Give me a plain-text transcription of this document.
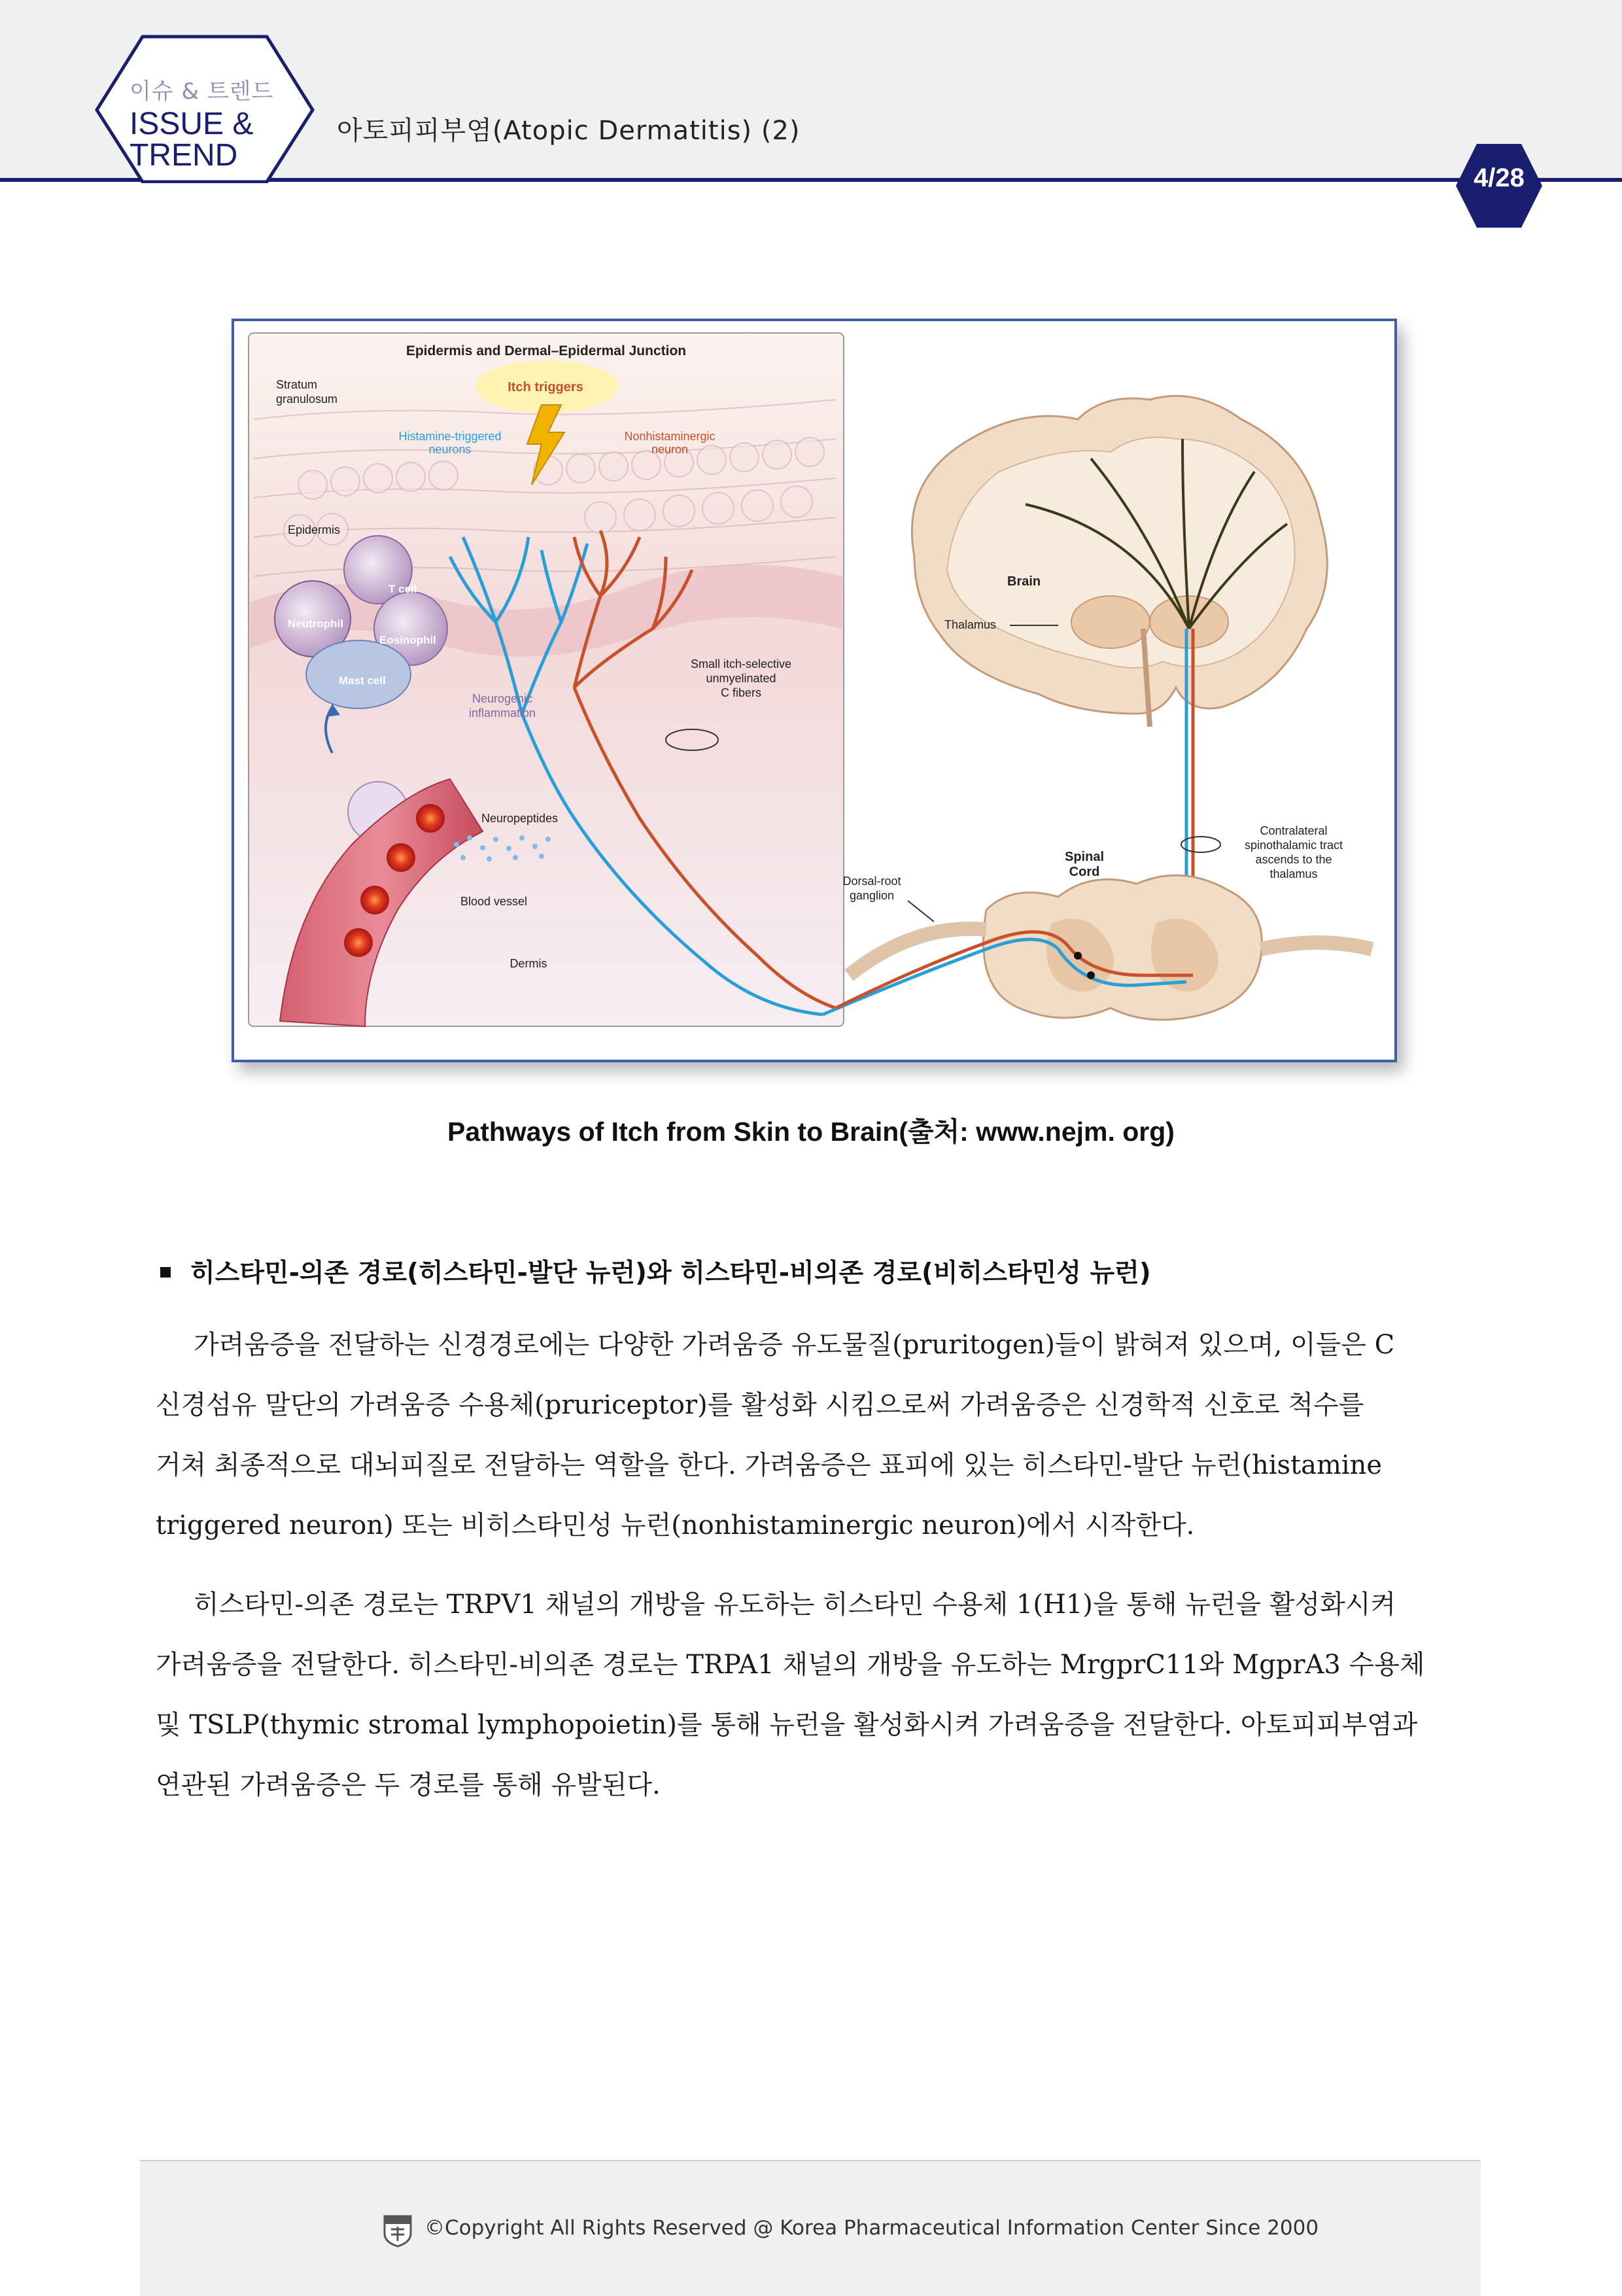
이슈 & 트렌드
ISSUE &
TREND
아토피피부염(Atopic Dermatitis) (2)
4/28
Epidermis and Dermal–Epidermal Junction
Stratum
granulosum
Itch triggers
Histamine-triggered
neurons
Nonhistaminergic
neuron
Epidermis
T cell
Neutrophil
Eosinophil
Mast cell
Neurogenic
inflammation
Small itch-selective
unmyelinated
C fibers
Neuropeptides
Blood vessel
Dermis
Brain
Thalamus
Spinal
Cord
Dorsal-root
ganglion
Contralateral
spinothalamic tract
ascends to the
thalamus
Pathways of Itch from Skin to Brain(출처: www.nejm. org)
히스타민-의존 경로(히스타민-발단 뉴런)와 히스타민-비의존 경로(비히스타민성 뉴런)

가려움증을 전달하는 신경경로에는 다양한 가려움증 유도물질(pruritogen)들이 밝혀져 있으며, 이들은 C

신경섬유 말단의 가려움증 수용체(pruriceptor)를 활성화 시킴으로써 가려움증은 신경학적 신호로 척수를

거쳐 최종적으로 대뇌피질로 전달하는 역할을 한다. 가려움증은 표피에 있는 히스타민-발단 뉴런(histamine

triggered neuron) 또는 비히스타민성 뉴런(nonhistaminergic neuron)에서 시작한다.

히스타민-의존 경로는 TRPV1 채널의 개방을 유도하는 히스타민 수용체 1(H1)을 통해 뉴런을 활성화시켜

가려움증을 전달한다. 히스타민-비의존 경로는 TRPA1 채널의 개방을 유도하는 MrgprC11와 MgprA3 수용체

및 TSLP(thymic stromal lymphopoietin)를 통해 뉴런을 활성화시켜 가려움증을 전달한다. 아토피피부염과

연관된 가려움증은 두 경로를 통해 유발된다.

©Copyright All Rights Reserved @ Korea Pharmaceutical Information Center Since 2000
